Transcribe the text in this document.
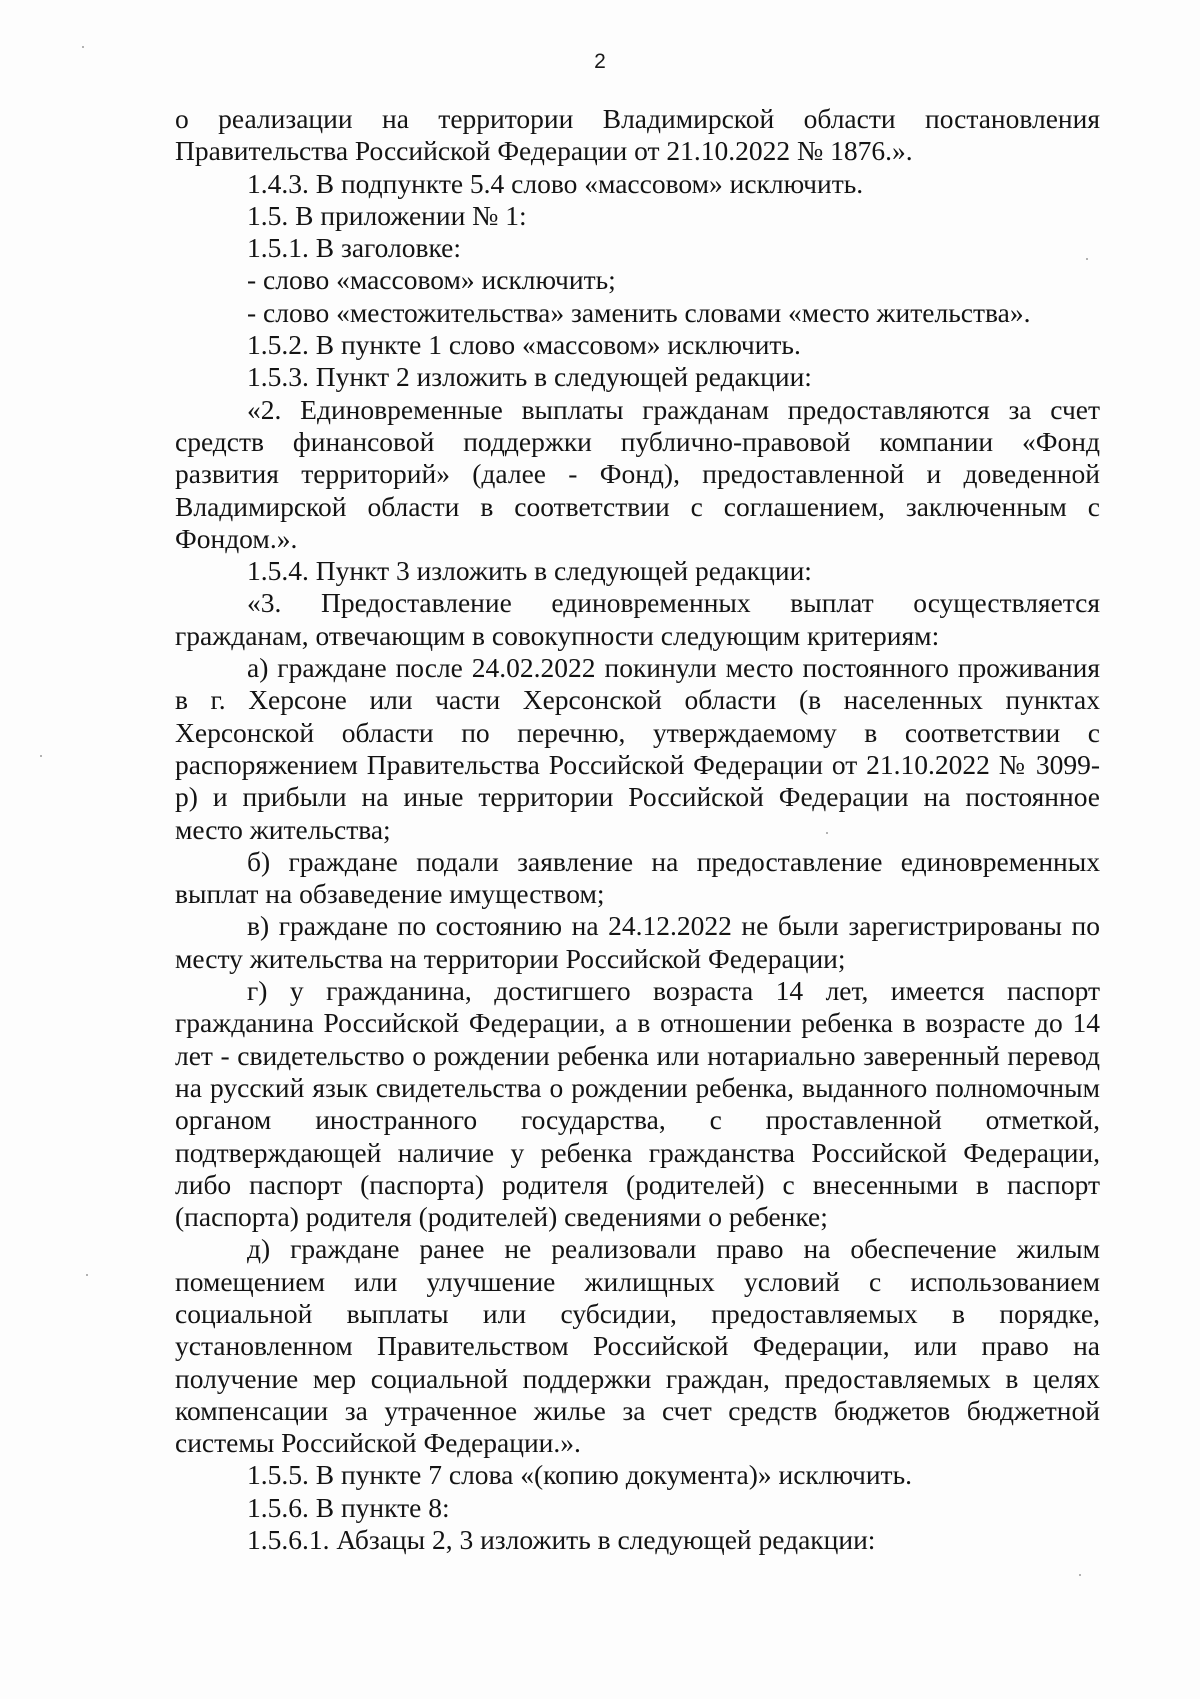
2

о реализации на территории Владимирской области постановления Правительства Российской Федерации от 21.10.2022 № 1876.».

1.4.3. В подпункте 5.4 слово «массовом» исключить.

1.5. В приложении № 1:

1.5.1. В заголовке:

- слово «массовом» исключить;

- слово «местожительства» заменить словами «место жительства».

1.5.2. В пункте 1 слово «массовом» исключить.

1.5.3. Пункт 2 изложить в следующей редакции:

«2. Единовременные выплаты гражданам предоставляются за счет средств финансовой поддержки публично-правовой компании «Фонд развития территорий» (далее - Фонд), предоставленной и доведенной Владимирской области в соответствии с соглашением, заключенным с Фондом.».

1.5.4. Пункт 3 изложить в следующей редакции:

«3. Предоставление единовременных выплат осуществляется гражданам, отвечающим в совокупности следующим критериям:

а) граждане после 24.02.2022 покинули место постоянного проживания в г. Херсоне или части Херсонской области (в населенных пунктах Херсонской области по перечню, утверждаемому в соответствии с распоряжением Правительства Российской Федерации от 21.10.2022 № 3099-р) и прибыли на иные территории Российской Федерации на постоянное место жительства;

б) граждане подали заявление на предоставление единовременных выплат на обзаведение имуществом;

в) граждане по состоянию на 24.12.2022 не были зарегистрированы по месту жительства на территории Российской Федерации;

г) у гражданина, достигшего возраста 14 лет, имеется паспорт гражданина Российской Федерации, а в отношении ребенка в возрасте до 14 лет - свидетельство о рождении ребенка или нотариально заверенный перевод на русский язык свидетельства о рождении ребенка, выданного полномочным органом иностранного государства, с проставленной отметкой, подтверждающей наличие у ребенка гражданства Российской Федерации, либо паспорт (паспорта) родителя (родителей) с внесенными в паспорт (паспорта) родителя (родителей) сведениями о ребенке;

д) граждане ранее не реализовали право на обеспечение жилым помещением или улучшение жилищных условий с использованием социальной выплаты или субсидии, предоставляемых в порядке, установленном Правительством Российской Федерации, или право на получение мер социальной поддержки граждан, предоставляемых в целях компенсации за утраченное жилье за счет средств бюджетов бюджетной системы Российской Федерации.».

1.5.5. В пункте 7 слова «(копию документа)» исключить.

1.5.6. В пункте 8:

1.5.6.1. Абзацы 2, 3 изложить в следующей редакции:
